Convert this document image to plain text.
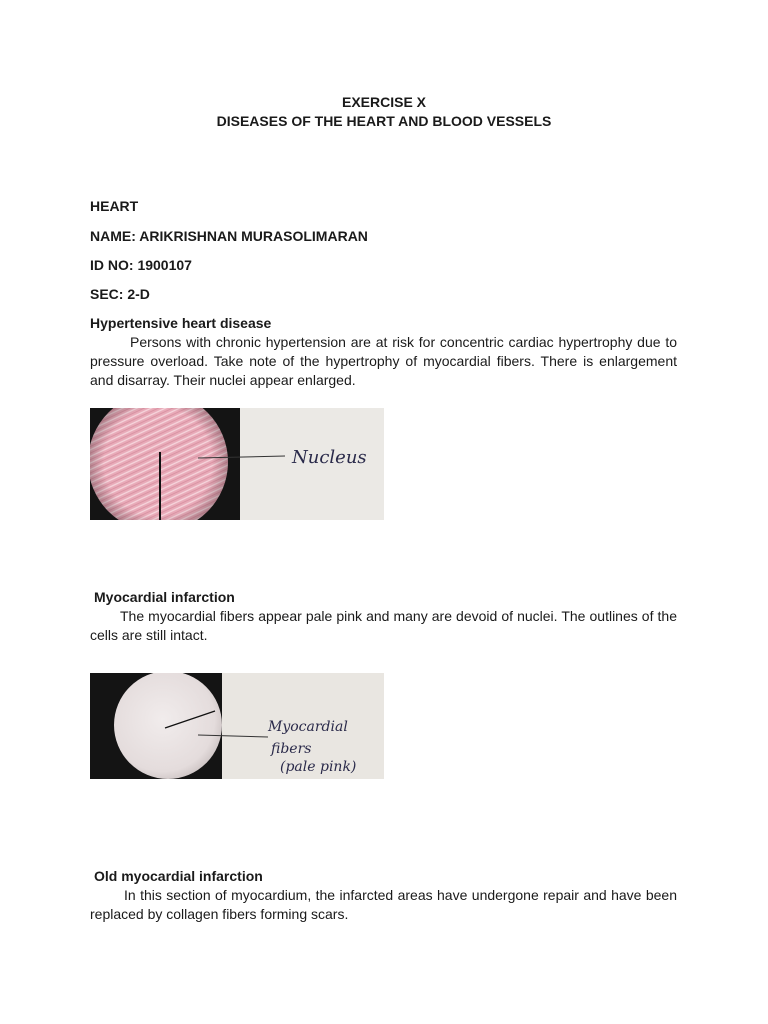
EXERCISE X
DISEASES OF THE HEART AND BLOOD VESSELS
HEART
NAME: ARIKRISHNAN MURASOLIMARAN
ID NO: 1900107
SEC: 2-D
Hypertensive heart disease

Persons with chronic hypertension are at risk for concentric cardiac hypertrophy due to pressure overload. Take note of the hypertrophy of myocardial fibers. There is enlargement and disarray. Their nuclei appear enlarged.

Nucleus
Myocardial infarction

The myocardial fibers appear pale pink and many are devoid of nuclei. The outlines of the cells are still intact.

Myocardial
fibers
(pale pink)
Old myocardial infarction

In this section of myocardium, the infarcted areas have undergone repair and have been replaced by collagen fibers forming scars.
